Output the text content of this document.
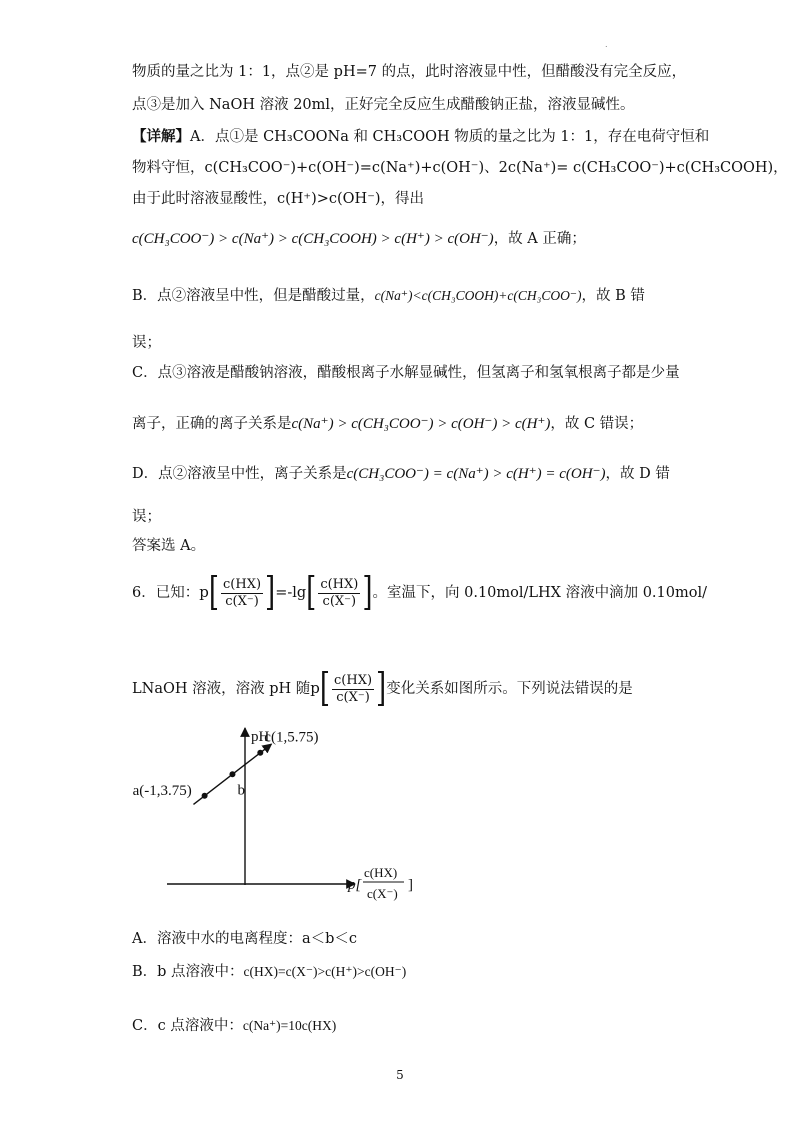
.
物质的量之比为 1：1，点②是 pH=7 的点，此时溶液显中性，但醋酸没有完全反应，
点③是加入 NaOH 溶液 20ml，正好完全反应生成醋酸钠正盐，溶液显碱性。
【详解】A．点①是 CH₃COONa 和 CH₃COOH 物质的量之比为 1：1，存在电荷守恒和
物料守恒，c(CH₃COO⁻)+c(OH⁻)=c(Na⁺)+c(OH⁻)、2c(Na⁺)= c(CH₃COO⁻)+c(CH₃COOH)，
由于此时溶液显酸性，c(H⁺)>c(OH⁻)，得出
c(CH₃COO⁻) > c(Na⁺) > c(CH₃COOH) > c(H⁺) > c(OH⁻)，故 A 正确；
B．点②溶液呈中性，但是醋酸过量，c(Na⁺)<c(CH₃COOH)+c(CH₃COO⁻)，故 B 错
误；
C．点③溶液是醋酸钠溶液，醋酸根离子水解显碱性，但氢离子和氢氧根离子都是少量
离子，正确的离子关系是c(Na⁺) > c(CH₃COO⁻) > c(OH⁻) > c(H⁺)，故 C 错误；
D．点②溶液呈中性，离子关系是c(CH₃COO⁻) = c(Na⁺) > c(H⁺) = c(OH⁻)，故 D 错
误；
答案选 A。
6．已知：$p[ \frac{c(HX)}{c(X^-)} ]=-\lg[ \frac{c(HX)}{c(X^-)}$ ]。室温下，向 0.10mol/LHX 溶液中滴加 0.10mol/
LNaOH 溶液，溶液 pH 随$p[ \frac{c(HX)}{c(X^-)}$ ]变化关系如图所示。下列说法错误的是
pH
a(-1,3.75)	b
c(1,5.75)
p[
c(HX)
c(X⁻)
]
A．溶液中水的电离程度：a＜b＜c
B．b 点溶液中：c(HX)=c(X⁻)>c(H⁺)>c(OH⁻)
C．c 点溶液中：c(Na⁺)=10c(HX)
5
